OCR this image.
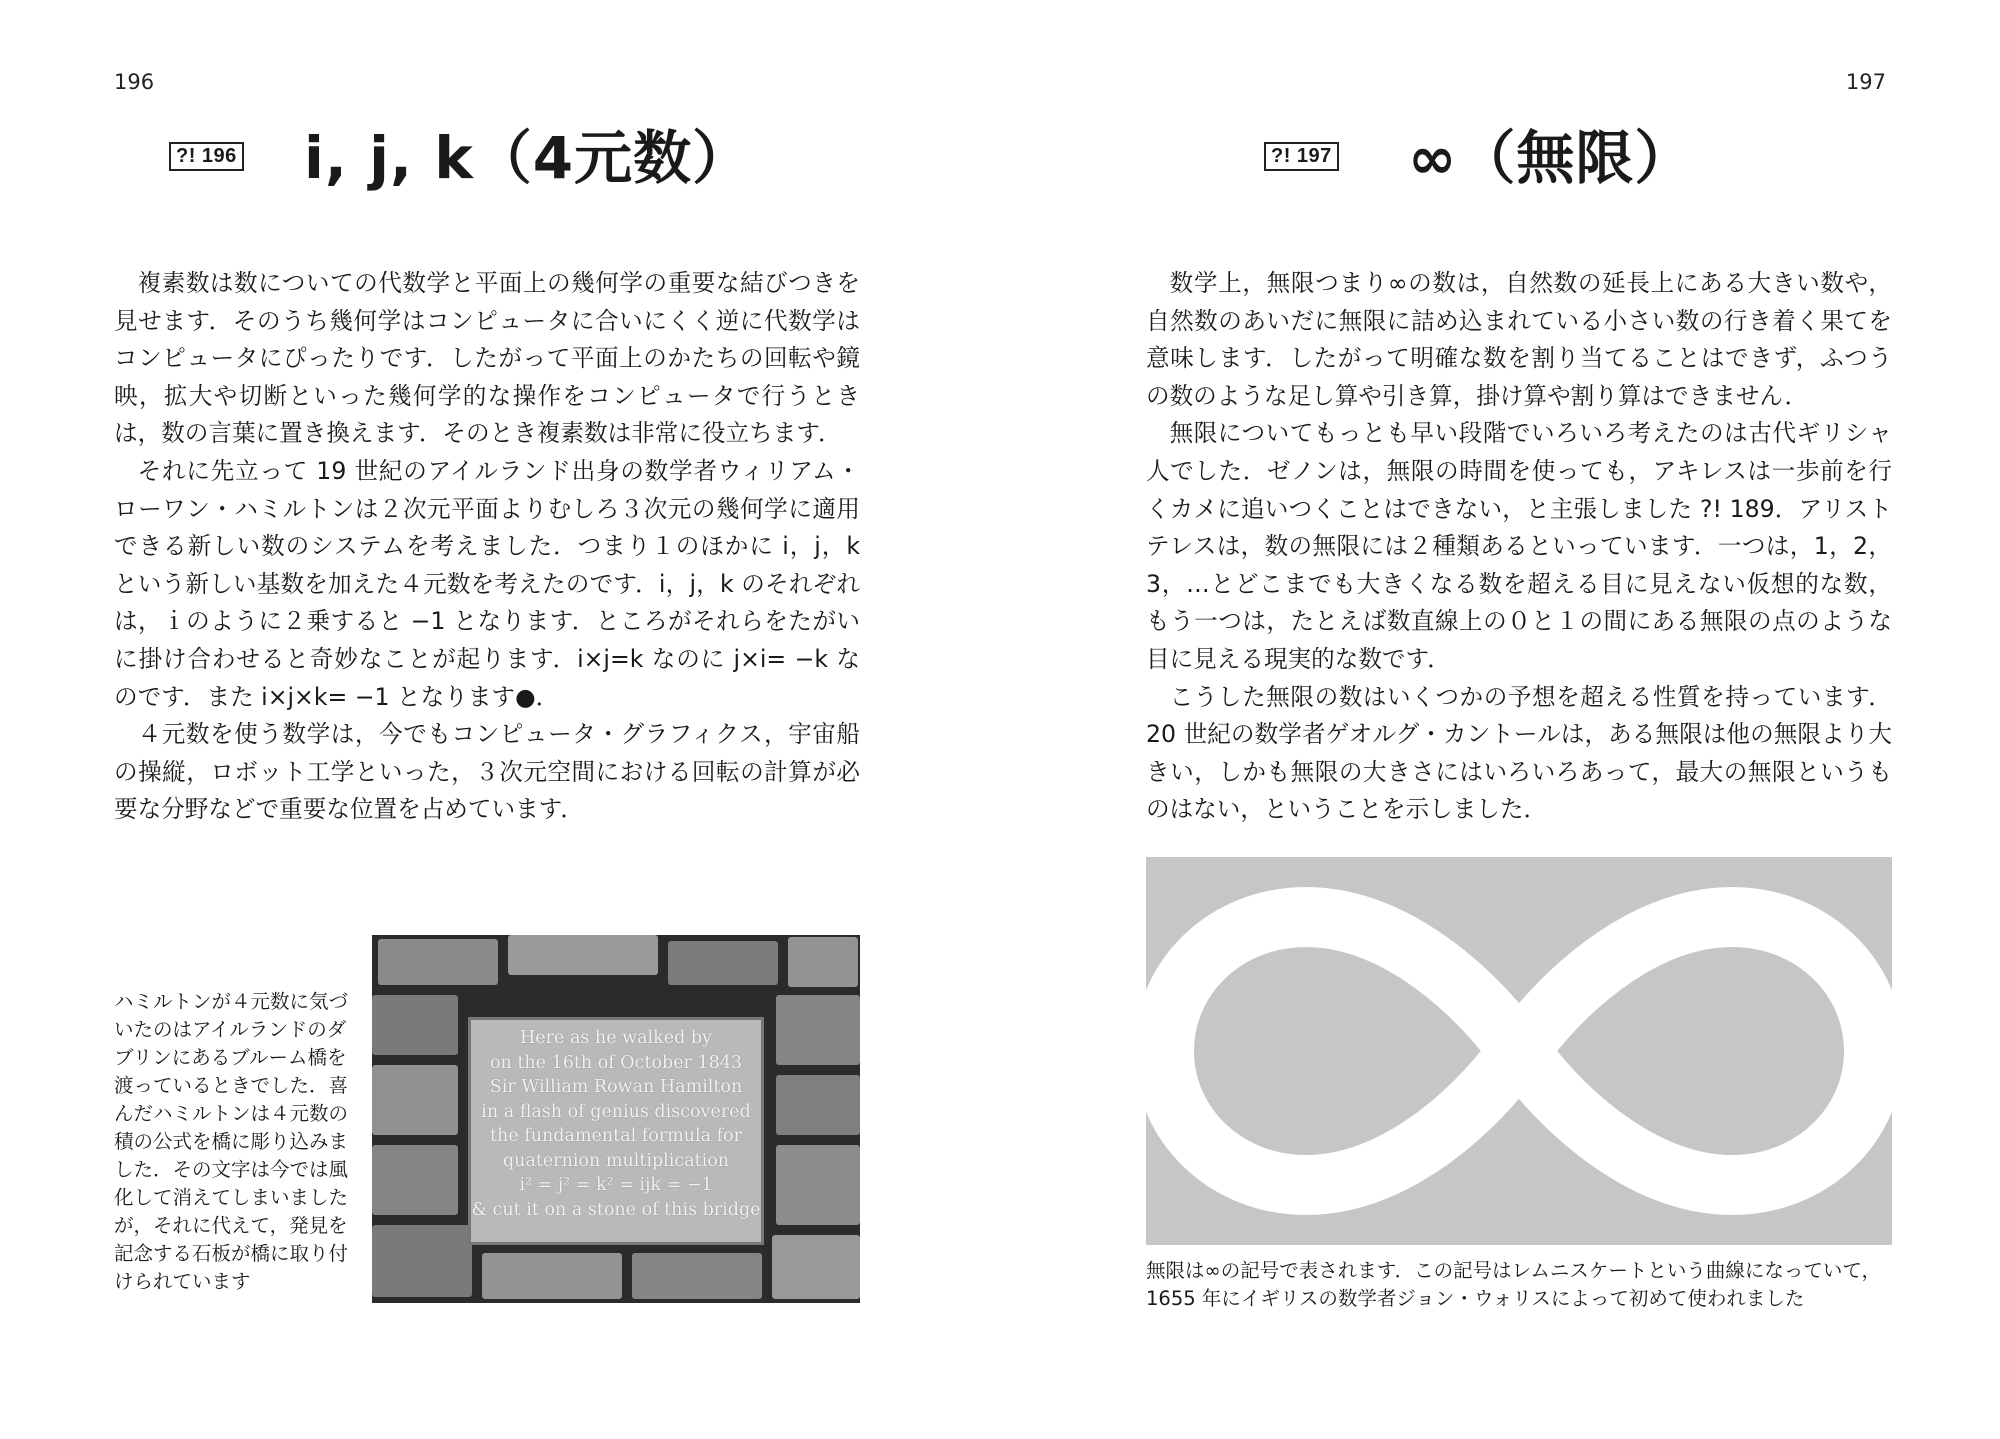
196
?! 196 i, j, k（4元数）

複素数は数についての代数学と平面上の幾何学の重要な結びつきを見せます．そのうち幾何学はコンピュータに合いにくく逆に代数学はコンピュータにぴったりです．したがって平面上のかたちの回転や鏡映，拡大や切断といった幾何学的な操作をコンピュータで行うときは，数の言葉に置き換えます．そのとき複素数は非常に役立ちます．

それに先立って 19 世紀のアイルランド出身の数学者ウィリアム・ローワン・ハミルトンは２次元平面よりむしろ３次元の幾何学に適用できる新しい数のシステムを考えました．つまり１のほかに i，j，k という新しい基数を加えた４元数を考えたのです．i，j，k のそれぞれは，ｉのように２乗すると −1 となります．ところがそれらをたがいに掛け合わせると奇妙なことが起ります．i×j=k なのに j×i= −k なのです．また i×j×k= −1 となります●．

４元数を使う数学は，今でもコンピュータ・グラフィクス，宇宙船の操縦，ロボット工学といった，３次元空間における回転の計算が必要な分野などで重要な位置を占めています．

ハミルトンが４元数に気づいたのはアイルランドのダブリンにあるブルーム橋を渡っているときでした．喜んだハミルトンは４元数の積の公式を橋に彫り込みました．その文字は今では風化して消えてしまいましたが，それに代えて，発見を記念する石板が橋に取り付けられています
Here as he walked by
on the 16th of October 1843
Sir William Rowan Hamilton
in a flash of genius discovered
the fundamental formula for
quaternion multiplication
i² = j² = k² = ijk = −1
& cut it on a stone of this bridge
197
?! 197 ∞（無限）

数学上，無限つまり∞の数は，自然数の延長上にある大きい数や，自然数のあいだに無限に詰め込まれている小さい数の行き着く果てを意味します．したがって明確な数を割り当てることはできず，ふつうの数のような足し算や引き算，掛け算や割り算はできません．

無限についてもっとも早い段階でいろいろ考えたのは古代ギリシャ人でした．ゼノンは，無限の時間を使っても，アキレスは一歩前を行くカメに追いつくことはできない，と主張しました ?! 189．アリストテレスは，数の無限には２種類あるといっています．一つは，1，2，3，…とどこまでも大きくなる数を超える目に見えない仮想的な数，もう一つは，たとえば数直線上の０と１の間にある無限の点のような目に見える現実的な数です．

こうした無限の数はいくつかの予想を超える性質を持っています．20 世紀の数学者ゲオルグ・カントールは，ある無限は他の無限より大きい，しかも無限の大きさにはいろいろあって，最大の無限というものはない，ということを示しました．

無限は∞の記号で表されます．この記号はレムニスケートという曲線になっていて，1655 年にイギリスの数学者ジョン・ウォリスによって初めて使われました
